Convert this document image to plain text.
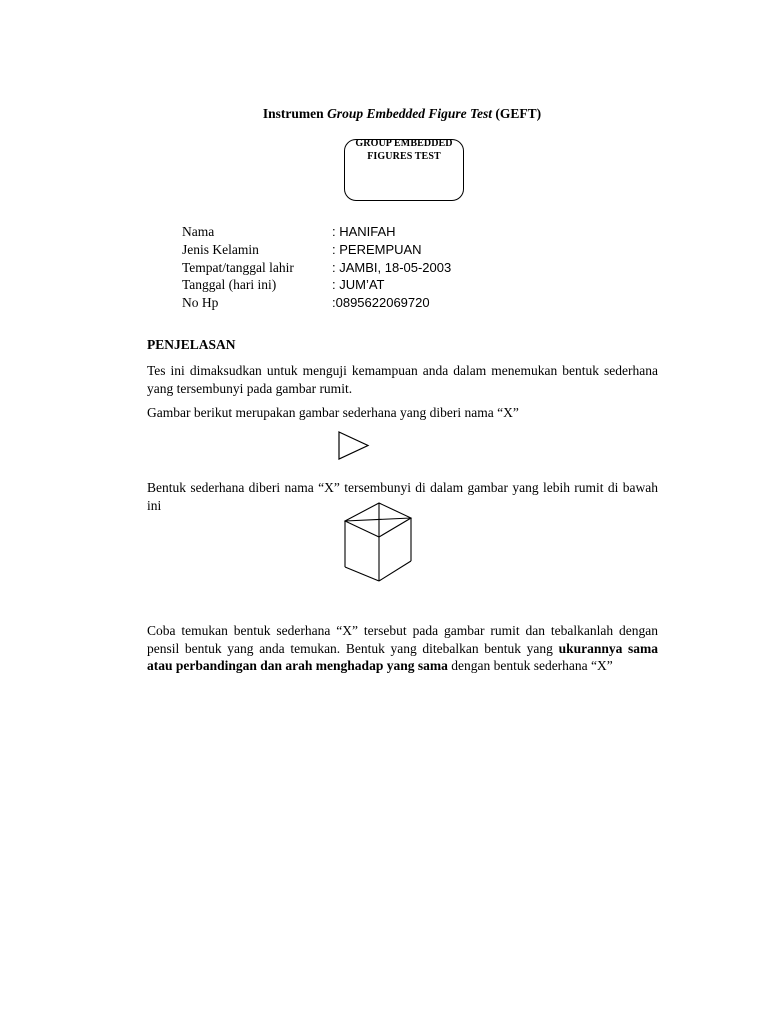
Instrumen Group Embedded Figure Test (GEFT)
GROUP EMBEDDED
FIGURES TEST
Nama	: HANIFAH
Jenis Kelamin	: PEREMPUAN
Tempat/tanggal lahir	: JAMBI, 18-05-2003
Tanggal (hari ini)	: JUM’AT
No Hp	:0895622069720
PENJELASAN
Tes ini dimaksudkan untuk menguji kemampuan anda dalam menemukan bentuk sederhana yang tersembunyi pada gambar rumit.
Gambar berikut merupakan gambar sederhana yang diberi nama “X”
Bentuk sederhana diberi nama “X” tersembunyi di dalam gambar yang lebih rumit di bawah ini
Coba temukan bentuk sederhana “X” tersebut pada gambar rumit dan tebalkanlah dengan pensil bentuk yang anda temukan. Bentuk yang ditebalkan bentuk yang ukurannya sama atau perbandingan dan arah menghadap yang sama dengan bentuk sederhana “X”
